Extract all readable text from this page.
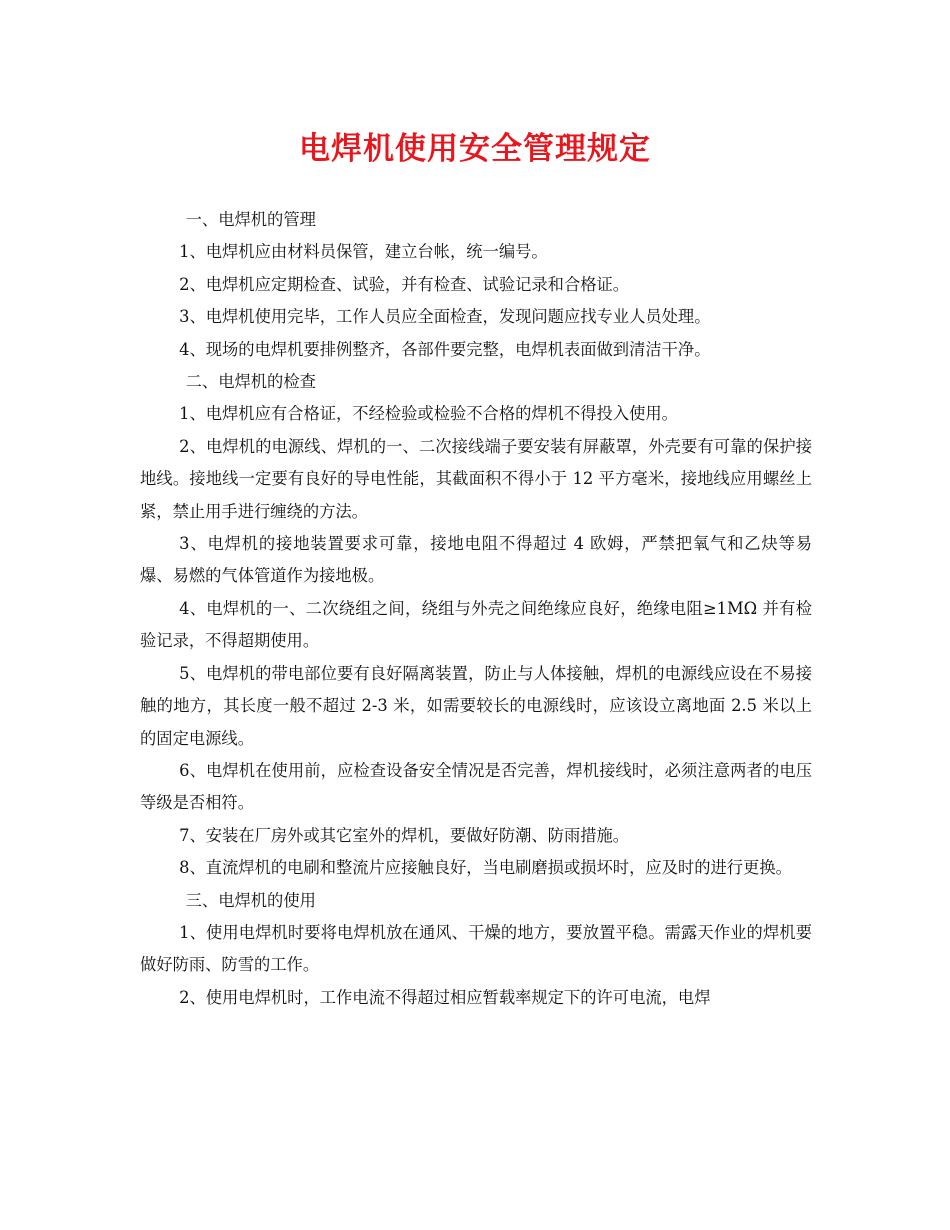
电焊机使用安全管理规定

一、电焊机的管理

1、电焊机应由材料员保管，建立台帐，统一编号。

2、电焊机应定期检查、试验，并有检查、试验记录和合格证。

3、电焊机使用完毕，工作人员应全面检查，发现问题应找专业人员处理。

4、现场的电焊机要排例整齐，各部件要完整，电焊机表面做到清洁干净。

二、电焊机的检查

1、电焊机应有合格证，不经检验或检验不合格的焊机不得投入使用。

2、电焊机的电源线、焊机的一、二次接线端子要安装有屏蔽罩，外壳要有可靠的保护接地线。接地线一定要有良好的导电性能，其截面积不得小于 12 平方毫米，接地线应用螺丝上紧，禁止用手进行缠绕的方法。

3、电焊机的接地装置要求可靠，接地电阻不得超过 4 欧姆，严禁把氧气和乙炔等易爆、易燃的气体管道作为接地极。

4、电焊机的一、二次绕组之间，绕组与外壳之间绝缘应良好，绝缘电阻≥1MΩ 并有检验记录，不得超期使用。

5、电焊机的带电部位要有良好隔离装置，防止与人体接触，焊机的电源线应设在不易接触的地方，其长度一般不超过 2-3 米，如需要较长的电源线时，应该设立离地面 2.5 米以上的固定电源线。

6、电焊机在使用前，应检查设备安全情况是否完善，焊机接线时，必须注意两者的电压等级是否相符。

7、安装在厂房外或其它室外的焊机，要做好防潮、防雨措施。

8、直流焊机的电刷和整流片应接触良好，当电刷磨损或损坏时，应及时的进行更换。

三、电焊机的使用

1、使用电焊机时要将电焊机放在通风、干燥的地方，要放置平稳。需露天作业的焊机要做好防雨、防雪的工作。

2、使用电焊机时，工作电流不得超过相应暂载率规定下的许可电流，电焊
